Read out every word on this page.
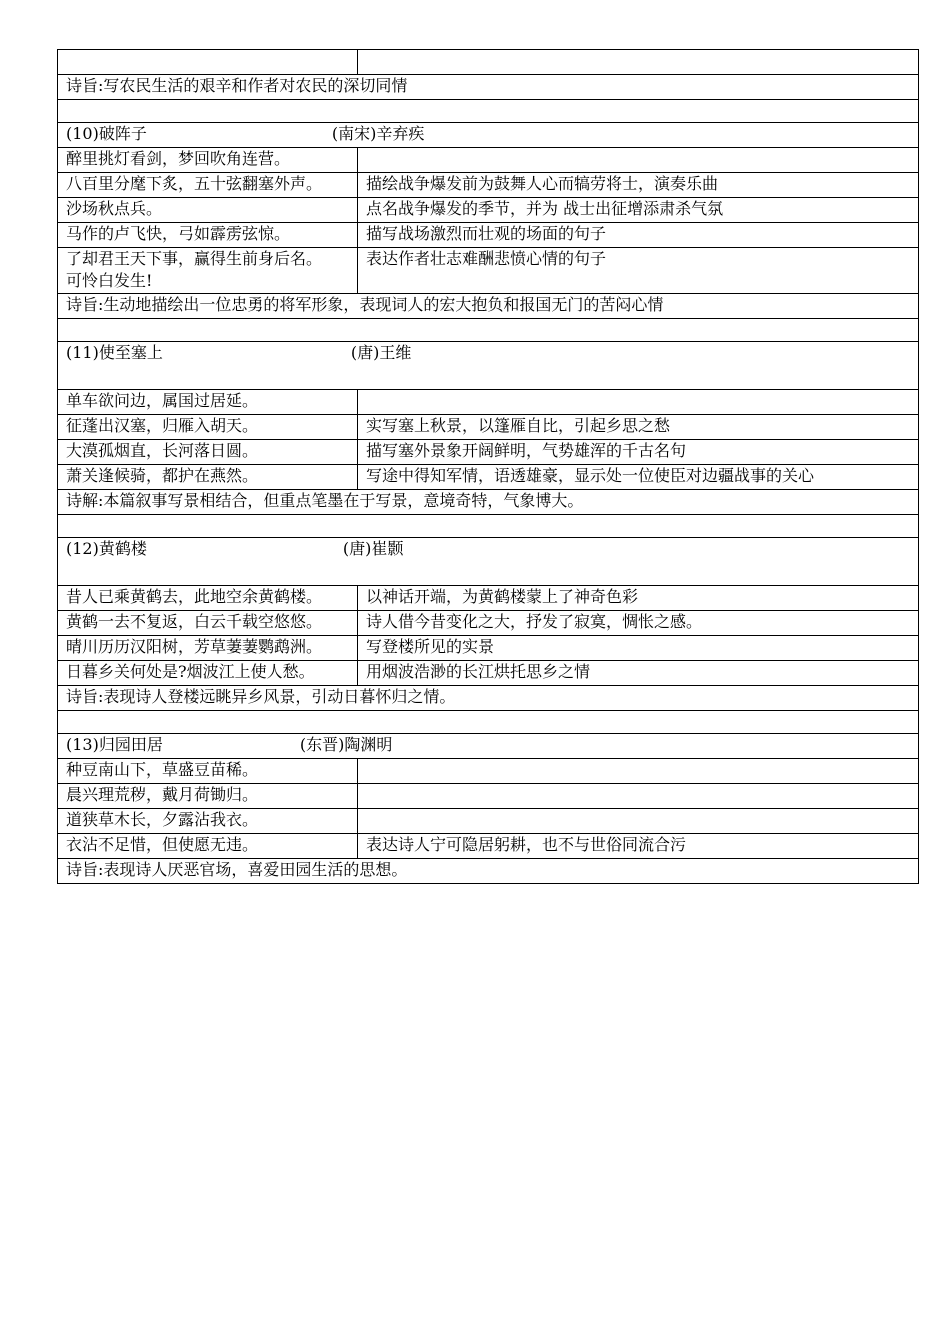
诗旨:写农民生活的艰辛和作者对农民的深切同情	

(10)破阵子 (南宋)辛弃疾	
醉里挑灯看剑，梦回吹角连营。	
八百里分麾下炙，五十弦翻塞外声。	描绘战争爆发前为鼓舞人心而犒劳将士，演奏乐曲
沙场秋点兵。	点名战争爆发的季节，并为 战士出征增添肃杀气氛
马作的卢飞快，弓如霹雳弦惊。	描写战场激烈而壮观的场面的句子

了却君王天下事，赢得生前身后名。
可怜白发生!	表达作者壮志难酬悲愤心情的句子
诗旨:生动地描绘出一位忠勇的将军形象，表现词人的宏大抱负和报国无门的苦闷心情	

(11)使至塞上 (唐)王维	
单车欲问边，属国过居延。	
征蓬出汉塞，归雁入胡天。	实写塞上秋景，以篷雁自比，引起乡思之愁
大漠孤烟直，长河落日圆。	描写塞外景象开阔鲜明，气势雄浑的千古名句
萧关逢候骑，都护在燕然。	写途中得知军情，语透雄豪，显示处一位使臣对边疆战事的关心
诗解:本篇叙事写景相结合，但重点笔墨在于写景，意境奇特，气象博大。	

(12)黄鹤楼 (唐)崔颢	
昔人已乘黄鹤去，此地空余黄鹤楼。	以神话开端，为黄鹤楼蒙上了神奇色彩
黄鹤一去不复返，白云千载空悠悠。	诗人借今昔变化之大，抒发了寂寞，惆怅之感。
晴川历历汉阳树，芳草萋萋鹦鹉洲。	写登楼所见的实景
日暮乡关何处是?烟波江上使人愁。	用烟波浩渺的长江烘托思乡之情
诗旨:表现诗人登楼远眺异乡风景，引动日暮怀归之情。	

(13)归园田居 (东晋)陶渊明	
种豆南山下，草盛豆苗稀。	
晨兴理荒秽，戴月荷锄归。	
道狭草木长，夕露沾我衣。	
衣沾不足惜，但使愿无违。	表达诗人宁可隐居躬耕，也不与世俗同流合污
诗旨:表现诗人厌恶官场，喜爱田园生活的思想。	
